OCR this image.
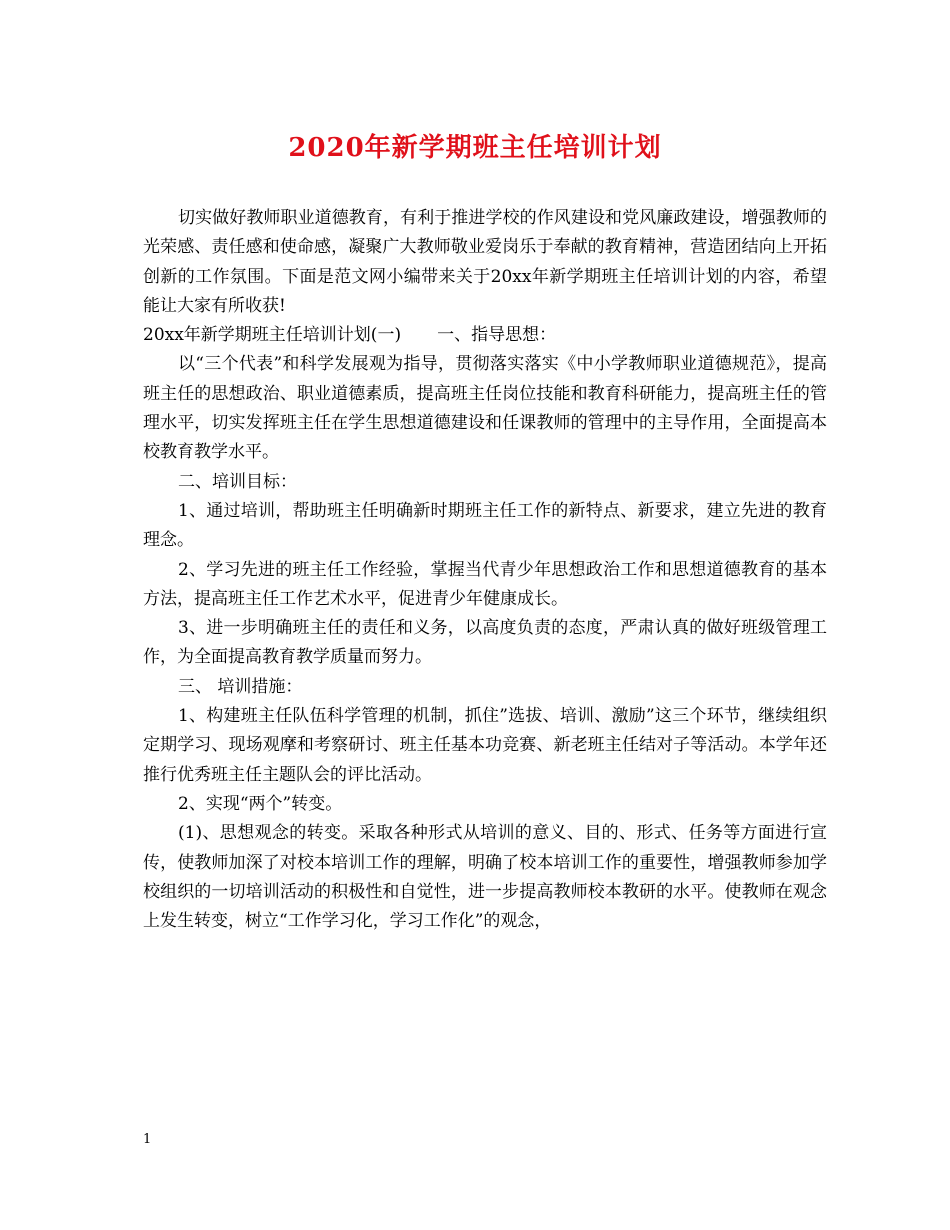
2020年新学期班主任培训计划

切实做好教师职业道德教育，有利于推进学校的作风建设和党风廉政建设，增强教师的光荣感、责任感和使命感，凝聚广大教师敬业爱岗乐于奉献的教育精神，营造团结向上开拓创新的工作氛围。下面是范文网小编带来关于20xx年新学期班主任培训计划的内容，希望能让大家有所收获!

20xx年新学期班主任培训计划(一) 一、指导思想：

以“三个代表”和科学发展观为指导，贯彻落实落实《中小学教师职业道德规范》，提高班主任的思想政治、职业道德素质，提高班主任岗位技能和教育科研能力，提高班主任的管理水平，切实发挥班主任在学生思想道德建设和任课教师的管理中的主导作用，全面提高本校教育教学水平。

二、培训目标：

1、通过培训，帮助班主任明确新时期班主任工作的新特点、新要求，建立先进的教育理念。

2、学习先进的班主任工作经验，掌握当代青少年思想政治工作和思想道德教育的基本方法，提高班主任工作艺术水平，促进青少年健康成长。

3、进一步明确班主任的责任和义务，以高度负责的态度，严肃认真的做好班级管理工作，为全面提高教育教学质量而努力。

三、 培训措施：

1、构建班主任队伍科学管理的机制，抓住”选拔、培训、激励”这三个环节，继续组织定期学习、现场观摩和考察研讨、班主任基本功竞赛、新老班主任结对子等活动。本学年还推行优秀班主任主题队会的评比活动。

2、实现“两个”转变。

(1)、思想观念的转变。采取各种形式从培训的意义、目的、形式、任务等方面进行宣传，使教师加深了对校本培训工作的理解，明确了校本培训工作的重要性，增强教师参加学校组织的一切培训活动的积极性和自觉性，进一步提高教师校本教研的水平。使教师在观念上发生转变，树立“工作学习化，学习工作化”的观念，

1
